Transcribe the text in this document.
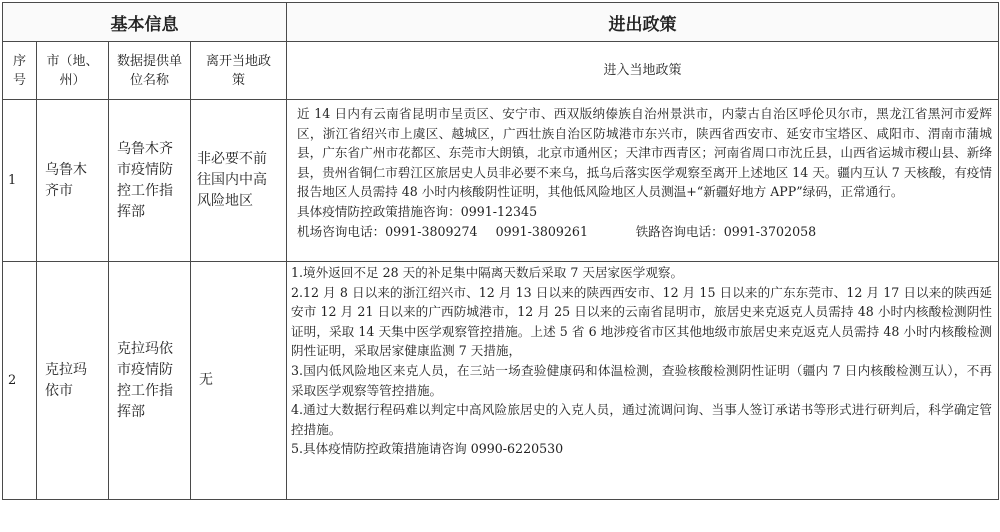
基本信息				进出政策
序号	市（地、州）	数据提供单位名称	离开当地政策	进入当地政策
1	乌鲁木齐市	乌鲁木齐市疫情防控工作指挥部	非必要不前往国内中高风险地区	近 14 日内有云南省昆明市呈贡区、安宁市、西双版纳傣族自治州景洪市，内蒙古自治区呼伦贝尔市，黑龙江省黑河市爱辉区，浙江省绍兴市上虞区、越城区，广西壮族自治区防城港市东兴市，陕西省西安市、延安市宝塔区、咸阳市、渭南市蒲城县，广东省广州市花都区、东莞市大朗镇，北京市通州区；天津市西青区；河南省周口市沈丘县，山西省运城市稷山县、新绛县，贵州省铜仁市碧江区旅居史人员非必要不来乌，抵乌后落实医学观察至离开上述地区 14 天。疆内互认 7 天核酸，有疫情报告地区人员需持 48 小时内核酸阴性证明，其他低风险地区人员测温+“新疆好地方 APP”绿码，正常通行。
具体疫情防控政策措施咨询：0991-12345
机场咨询电话：0991-3809274 0991-3809261 铁路咨询电话：0991-3702058

2	克拉玛依市	克拉玛依市疫情防控工作指挥部	无	1.境外返回不足 28 天的补足集中隔离天数后采取 7 天居家医学观察。
2.12 月 8 日以来的浙江绍兴市、12 月 13 日以来的陕西西安市、12 月 15 日以来的广东东莞市、12 月 17 日以来的陕西延安市 12 月 21 日以来的广西防城港市，12 月 25 日以来的云南省昆明市，旅居史来克返克人员需持 48 小时内核酸检测阴性证明，采取 14 天集中医学观察管控措施。上述 5 省 6 地涉疫省市区其他地级市旅居史来克返克人员需持 48 小时内核酸检测阴性证明，采取居家健康监测 7 天措施，
3.国内低风险地区来克人员，在三站一场查验健康码和体温检测，查验核酸检测阴性证明（疆内 7 日内核酸检测互认），不再采取医学观察等管控措施。
4.通过大数据行程码难以判定中高风险旅居史的入克人员，通过流调问询、当事人签订承诺书等形式进行研判后，科学确定管控措施。
5.具体疫情防控政策措施请咨询 0990-6220530
